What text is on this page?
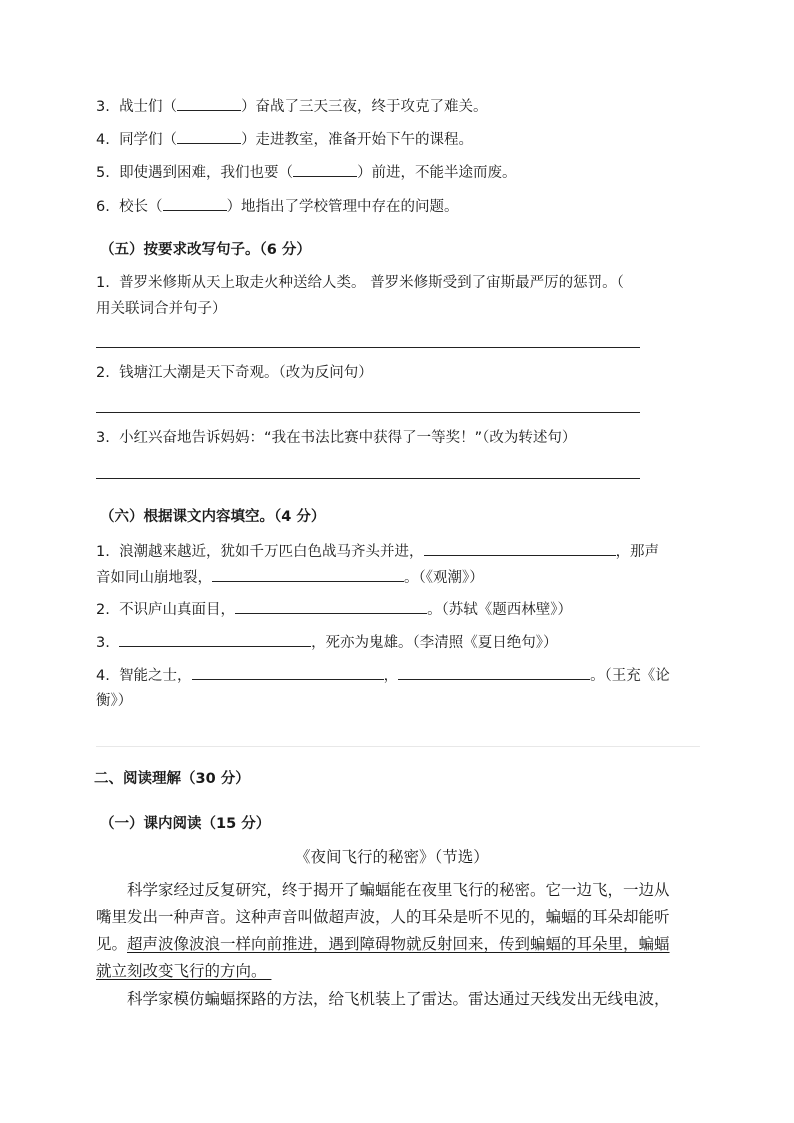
3. 战士们（	）奋战了三天三夜，终于攻克了难关。
4. 同学们（	）走进教室，准备开始下午的课程。
5. 即使遇到困难，我们也要（	）前进，不能半途而废。
6. 校长（	）地指出了学校管理中存在的问题。
（五）按要求改写句子。（6 分）
1. 普罗米修斯从天上取走火种送给人类。 普罗米修斯受到了宙斯最严厉的惩罚。（
用关联词合并句子）
2. 钱塘江大潮是天下奇观。（改为反问句）
3. 小红兴奋地告诉妈妈：“我在书法比赛中获得了一等奖！”（改为转述句）
（六）根据课文内容填空。（4 分）
1. 浪潮越来越近，犹如千万匹白色战马齐头并进，	，那声
音如同山崩地裂，	。（《观潮》）
2. 不识庐山真面目，	。（苏轼《题西林壁》）
3.	，死亦为鬼雄。（李清照《夏日绝句》）
4. 智能之士，	，	。（王充《论
衡》）
二、阅读理解（30 分）
（一）课内阅读（15 分）
《夜间飞行的秘密》（节选）
科学家经过反复研究，终于揭开了蝙蝠能在夜里飞行的秘密。它一边飞，一边从
嘴里发出一种声音。这种声音叫做超声波，人的耳朵是听不见的，蝙蝠的耳朵却能听
见。超声波像波浪一样向前推进，遇到障碍物就反射回来，传到蝙蝠的耳朵里，蝙蝠
就立刻改变飞行的方向。
科学家模仿蝙蝠探路的方法，给飞机装上了雷达。雷达通过天线发出无线电波，
